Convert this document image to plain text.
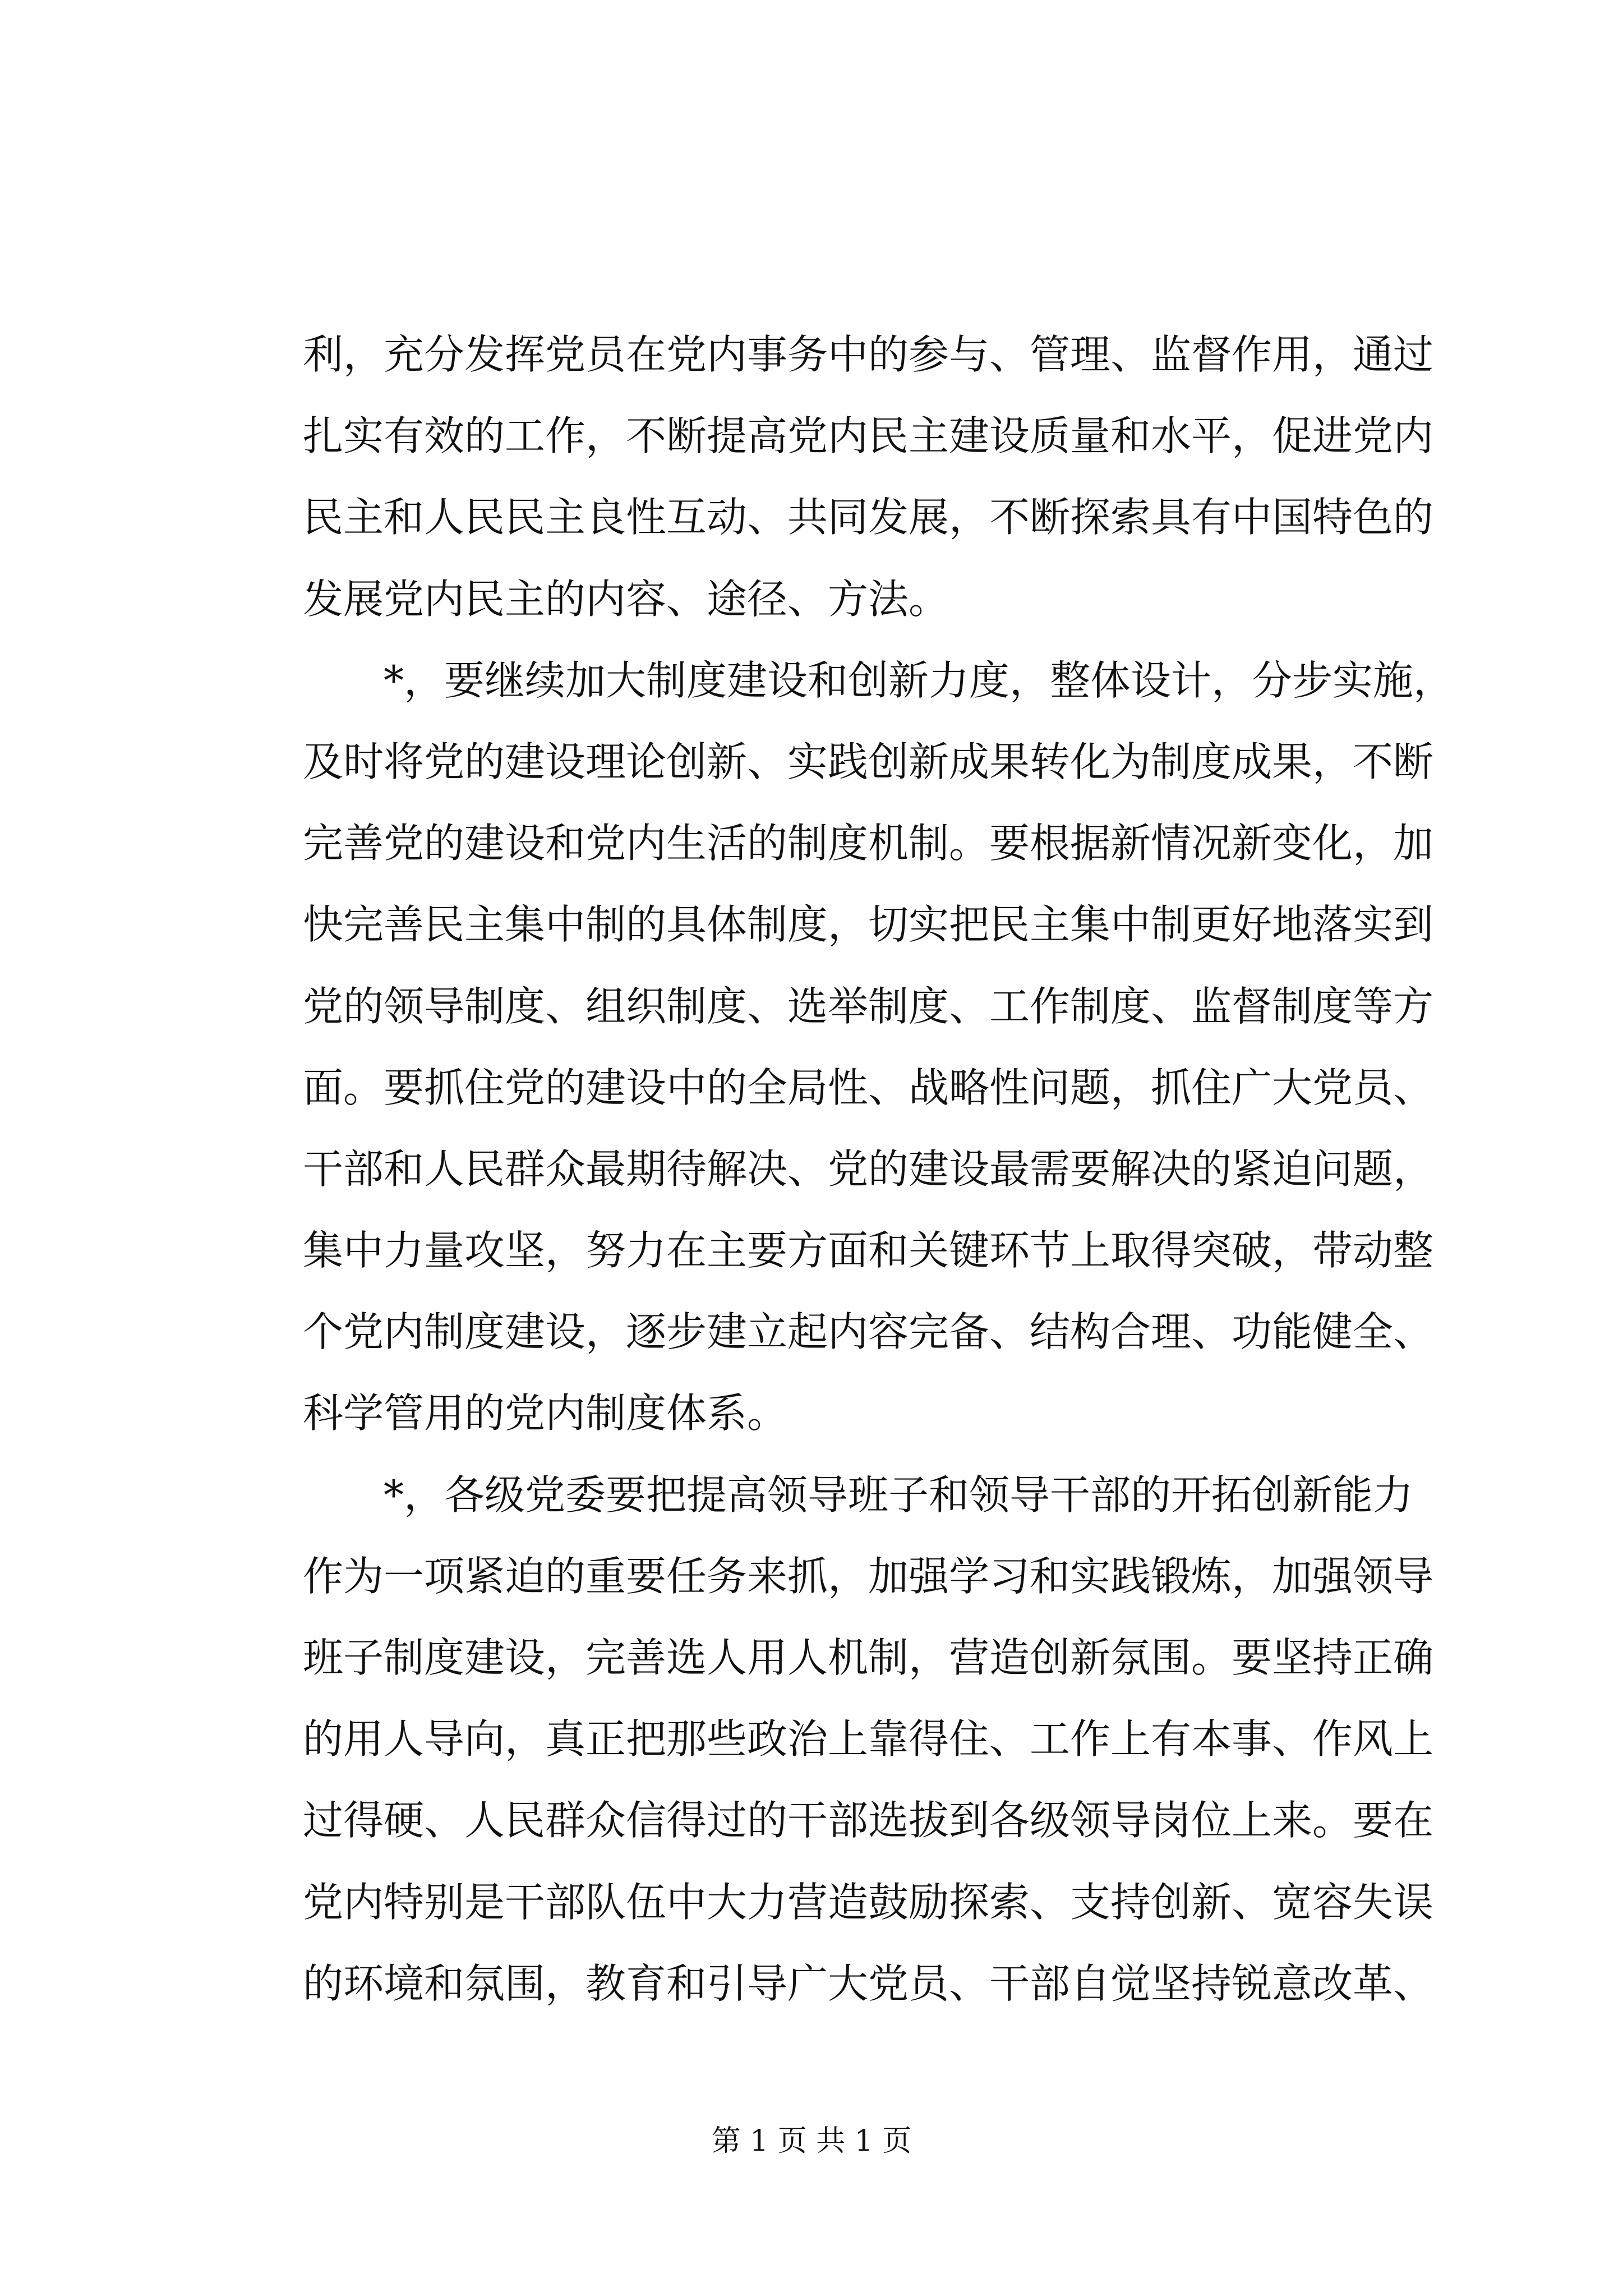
利，充分发挥党员在党内事务中的参与、管理、监督作用，通过
扎实有效的工作，不断提高党内民主建设质量和水平，促进党内
民主和人民民主良性互动、共同发展，不断探索具有中国特色的
发展党内民主的内容、途径、方法。
*，要继续加大制度建设和创新力度，整体设计，分步实施，
及时将党的建设理论创新、实践创新成果转化为制度成果，不断
完善党的建设和党内生活的制度机制。要根据新情况新变化，加
快完善民主集中制的具体制度，切实把民主集中制更好地落实到
党的领导制度、组织制度、选举制度、工作制度、监督制度等方
面。要抓住党的建设中的全局性、战略性问题，抓住广大党员、
干部和人民群众最期待解决、党的建设最需要解决的紧迫问题，
集中力量攻坚，努力在主要方面和关键环节上取得突破，带动整
个党内制度建设，逐步建立起内容完备、结构合理、功能健全、
科学管用的党内制度体系。
*，各级党委要把提高领导班子和领导干部的开拓创新能力
作为一项紧迫的重要任务来抓，加强学习和实践锻炼，加强领导
班子制度建设，完善选人用人机制，营造创新氛围。要坚持正确
的用人导向，真正把那些政治上靠得住、工作上有本事、作风上
过得硬、人民群众信得过的干部选拔到各级领导岗位上来。要在
党内特别是干部队伍中大力营造鼓励探索、支持创新、宽容失误
的环境和氛围，教育和引导广大党员、干部自觉坚持锐意改革、
第 1 页 共 1 页
